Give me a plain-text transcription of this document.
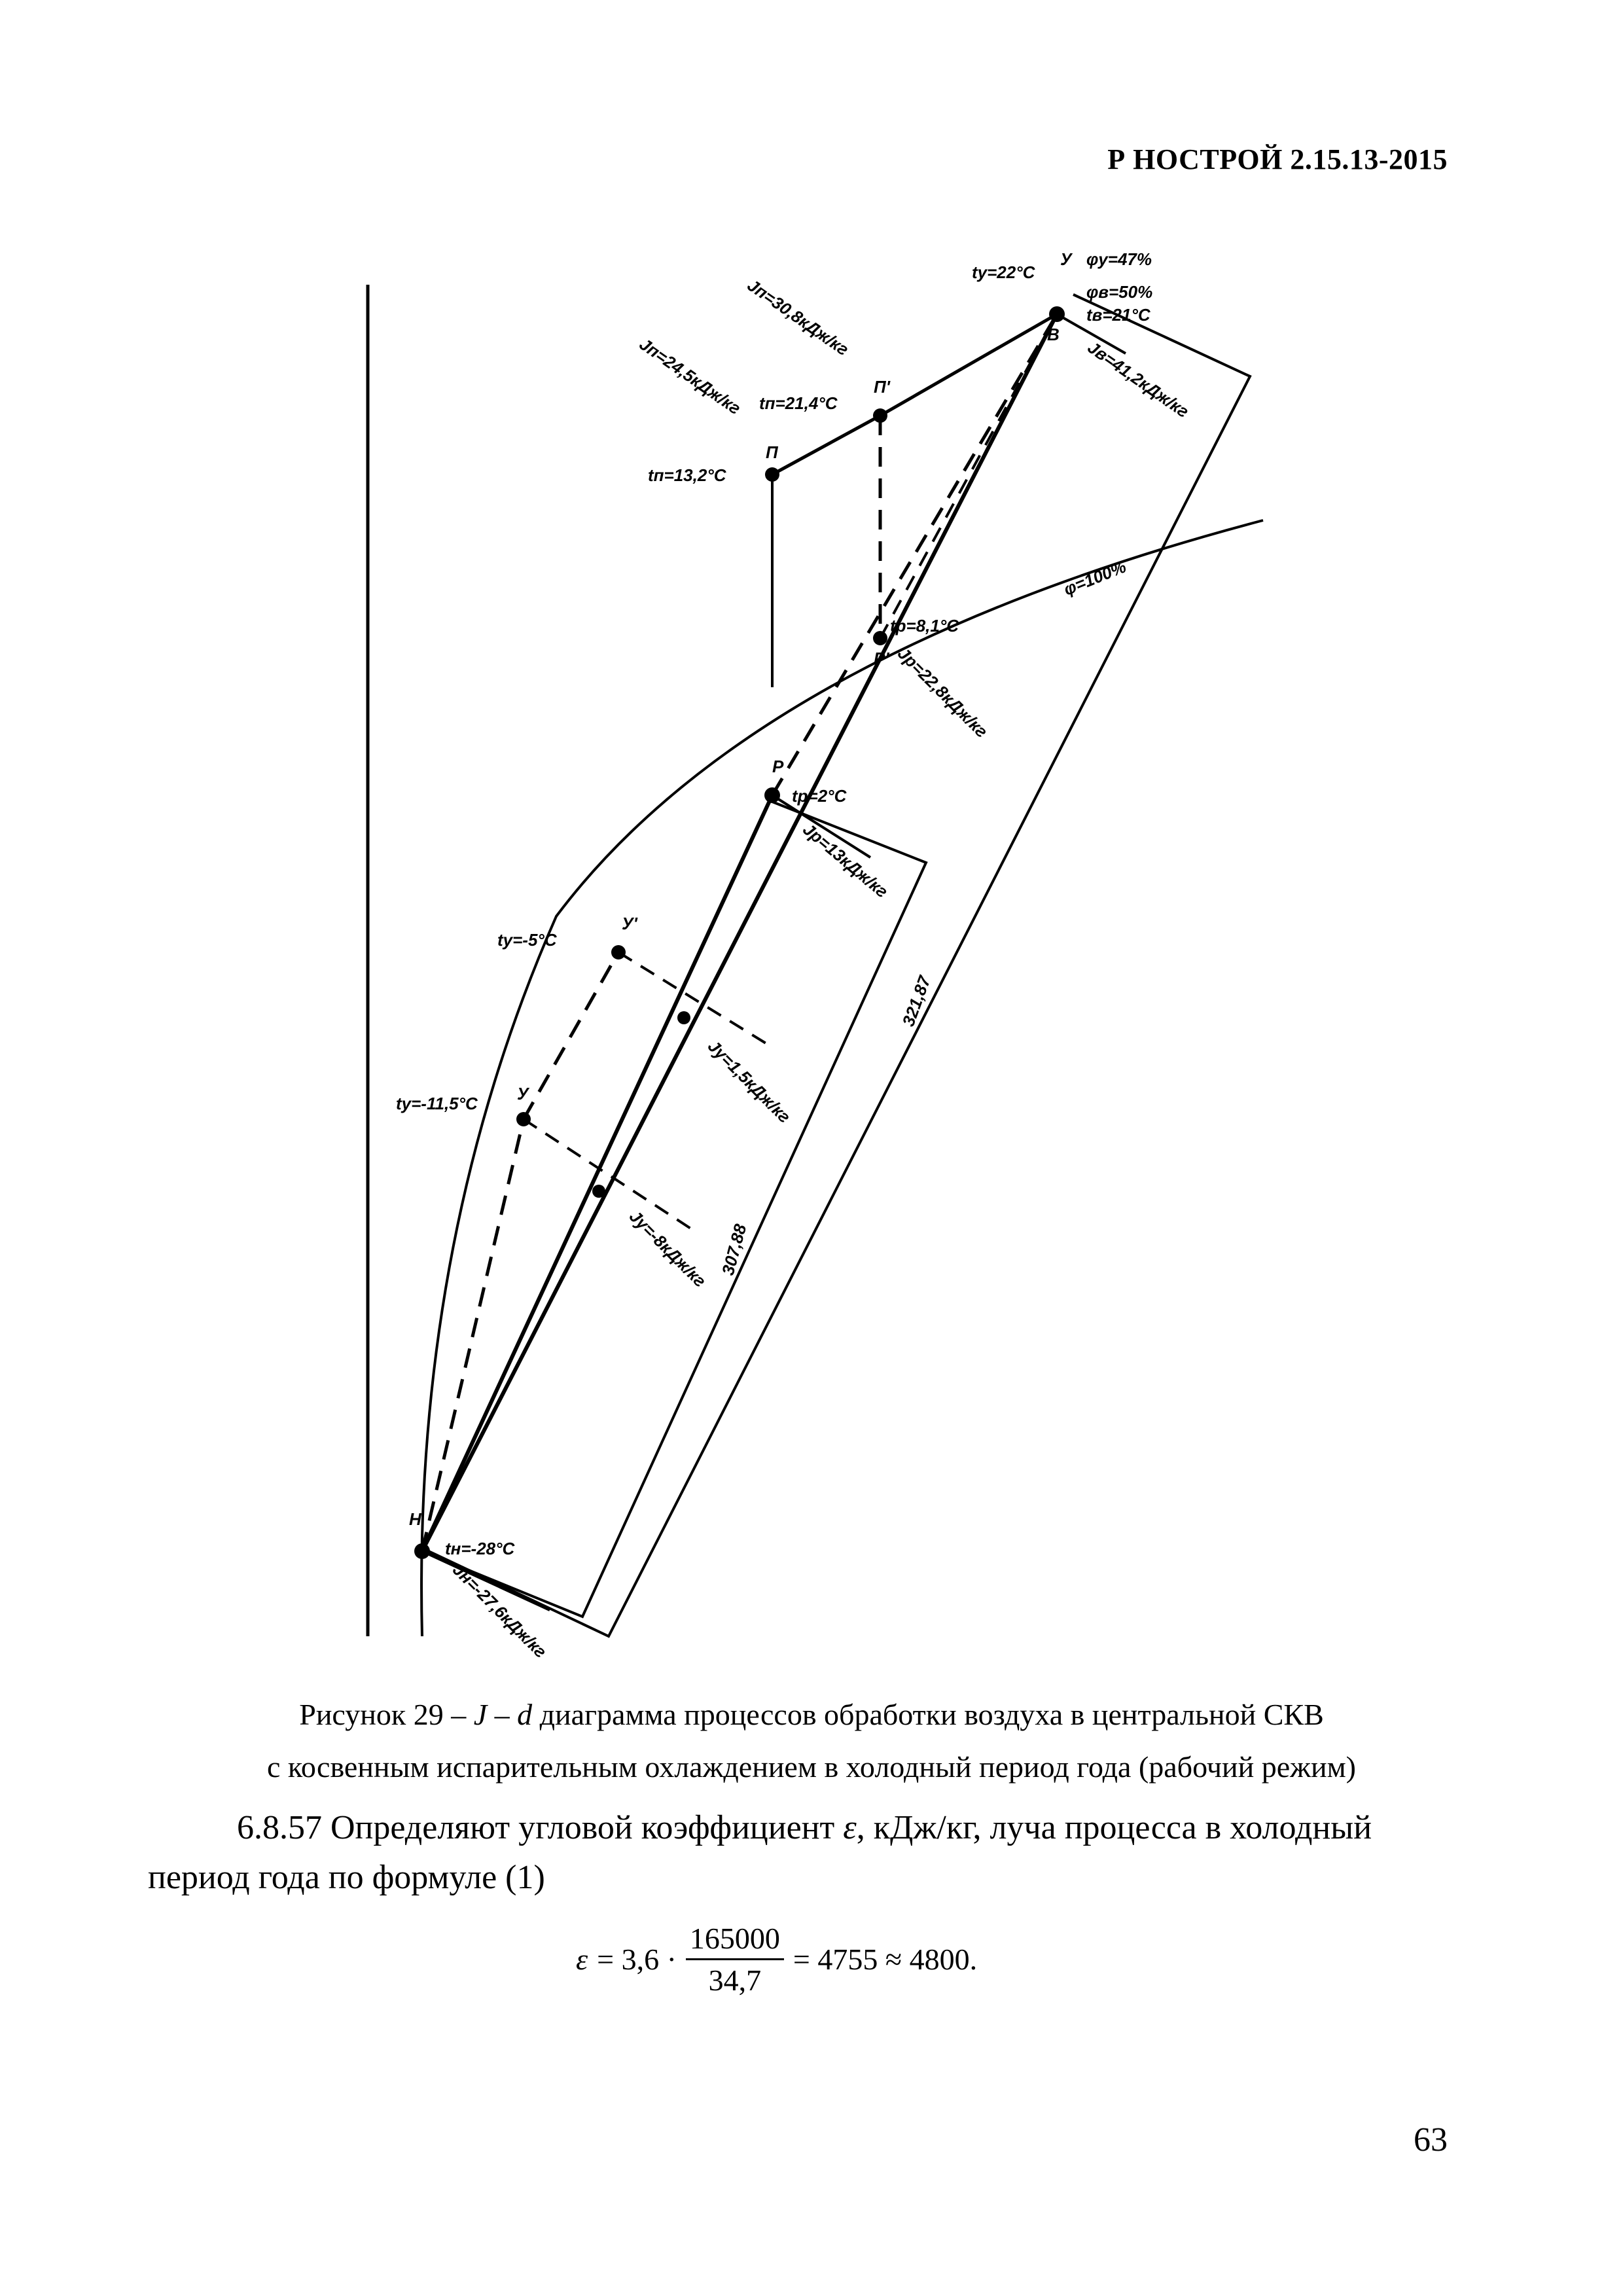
Р НОСТРОЙ 2.15.13-2015
У
В
П'
П
Р'
Р
У'
У
Н
tу=22°С
φу=47%
φв=50%
tв=21°С
Jв=41,2кДж/кг
Jп=30,8кДж/кг
Jп=24,5кДж/кг tп=21,4°С
tп=13,2°С
tр=8,1°С
Jр=22,8кДж/кг
φ=100%
tр=2°С
Jр=13кДж/кг
321,87
tу=-5°С
Jу=1,5кДж/кг
tу=-11,5°С
Jу=-8кДж/кг 307,88
tн=-28°С
Jн=-27,6кДж/кг
Рисунок 29 – J – d диаграмма процессов обработки воздуха в центральной СКВ
с косвенным испарительным охлаждением в холодный период года (рабочий режим)
6.8.57 Определяют угловой коэффициент ε, кДж/кг, луча процесса в холодный период года по формуле (1)
$\varepsilon = 3,6 \cdot \frac{165000}{34,7} = 4755 \approx 4800$.
63
